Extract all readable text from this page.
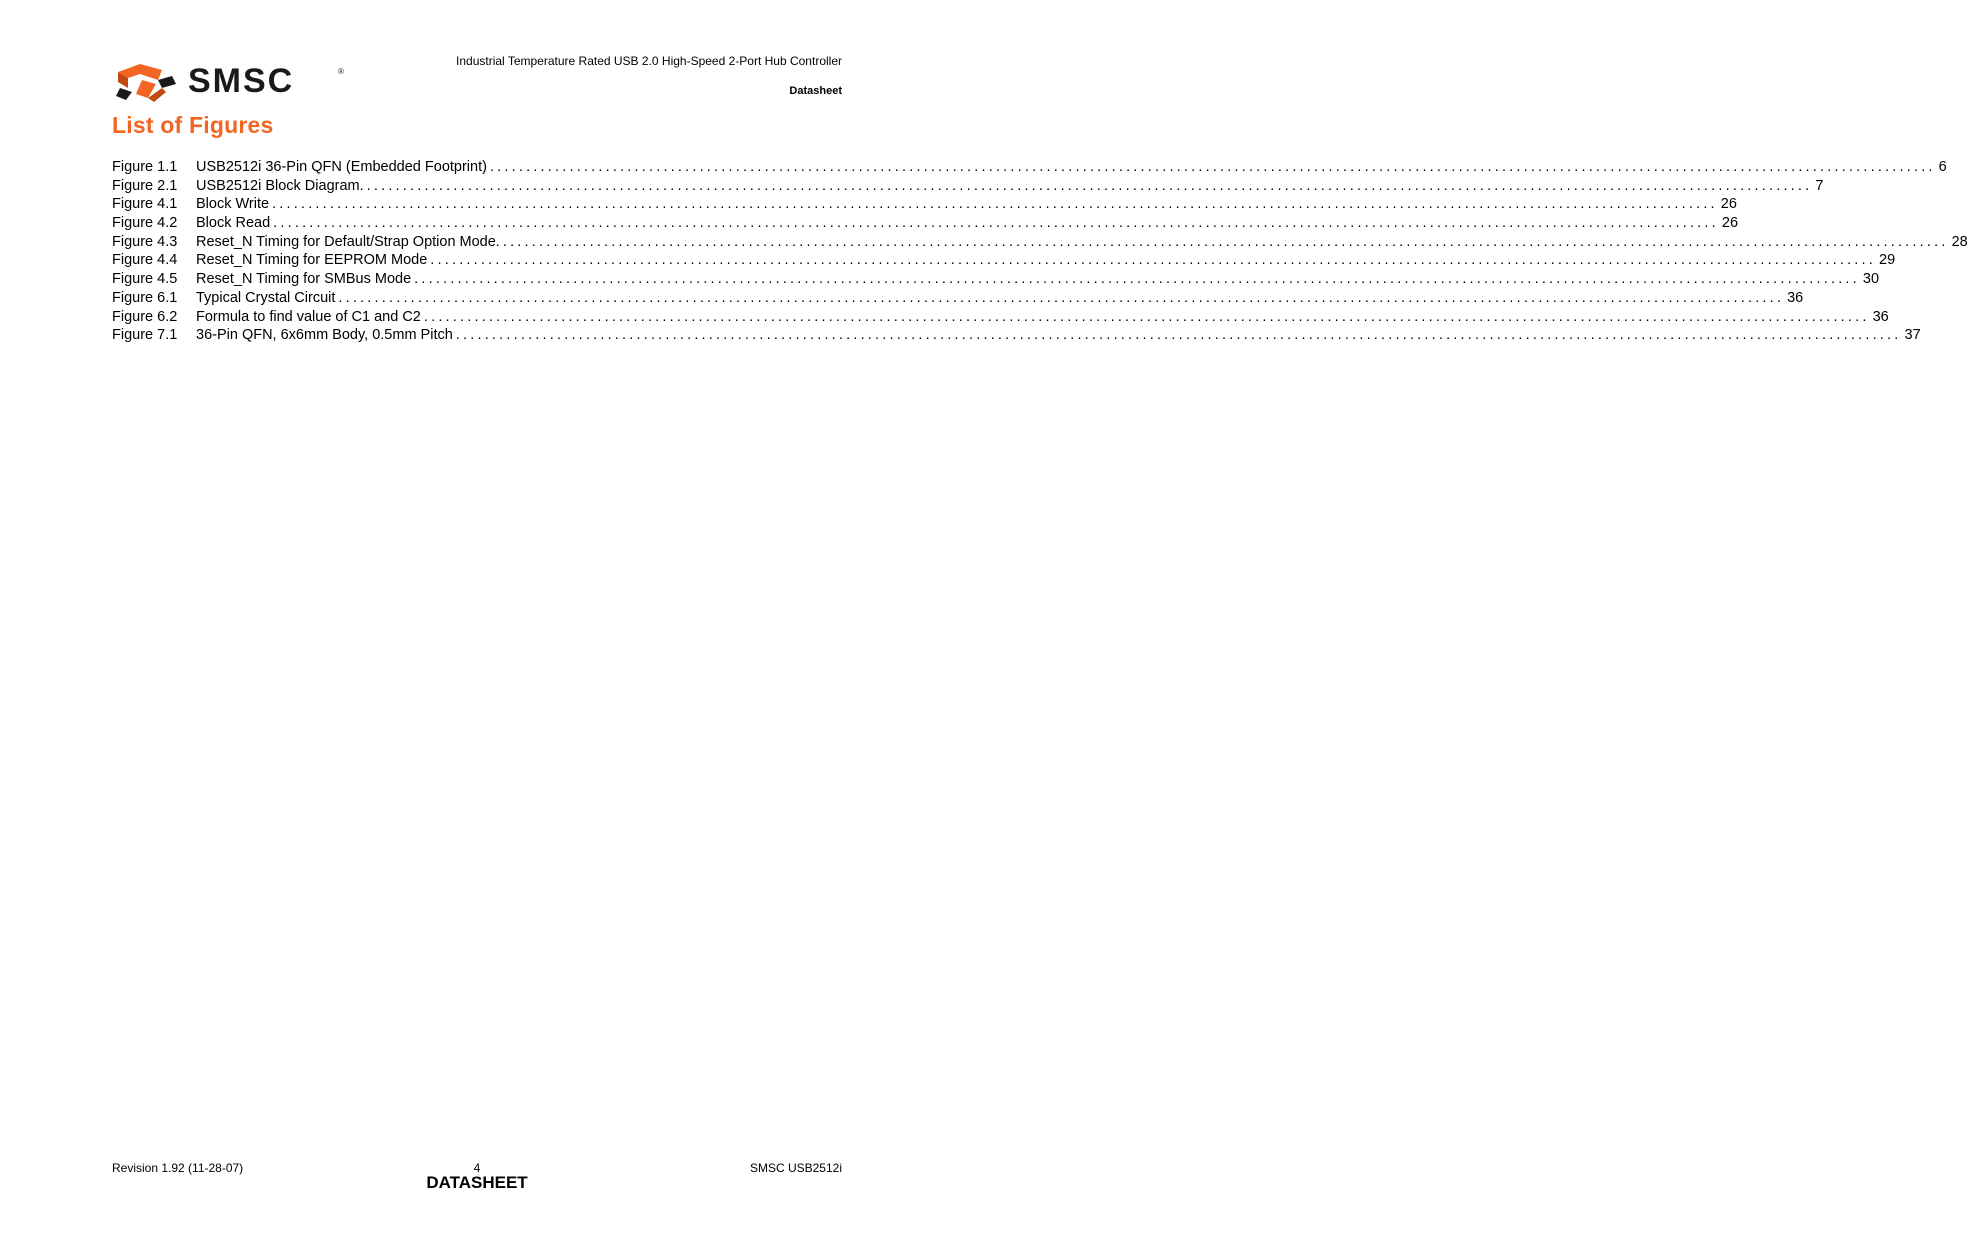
Industrial Temperature Rated USB 2.0 High-Speed 2-Port Hub Controller
Datasheet
SMSC	®
List of Figures
Figure 1.1	USB2512i 36-Pin QFN (Embedded Footprint) ........................................................................................................................................................................................................ 6
Figure 2.1	USB2512i Block Diagram. ........................................................................................................................................................................................................ 7
Figure 4.1	Block Write ........................................................................................................................................................................................................ 26
Figure 4.2	Block Read ........................................................................................................................................................................................................ 26
Figure 4.3	Reset_N Timing for Default/Strap Option Mode. ........................................................................................................................................................................................................ 28
Figure 4.4	Reset_N Timing for EEPROM Mode ........................................................................................................................................................................................................ 29
Figure 4.5	Reset_N Timing for SMBus Mode ........................................................................................................................................................................................................ 30
Figure 6.1	Typical Crystal Circuit ........................................................................................................................................................................................................ 36
Figure 6.2	Formula to find value of C1 and C2 ........................................................................................................................................................................................................ 36
Figure 7.1	36-Pin QFN, 6x6mm Body, 0.5mm Pitch ........................................................................................................................................................................................................ 37
Revision 1.92 (11-28-07)	4	SMSC USB2512i
DATASHEET
